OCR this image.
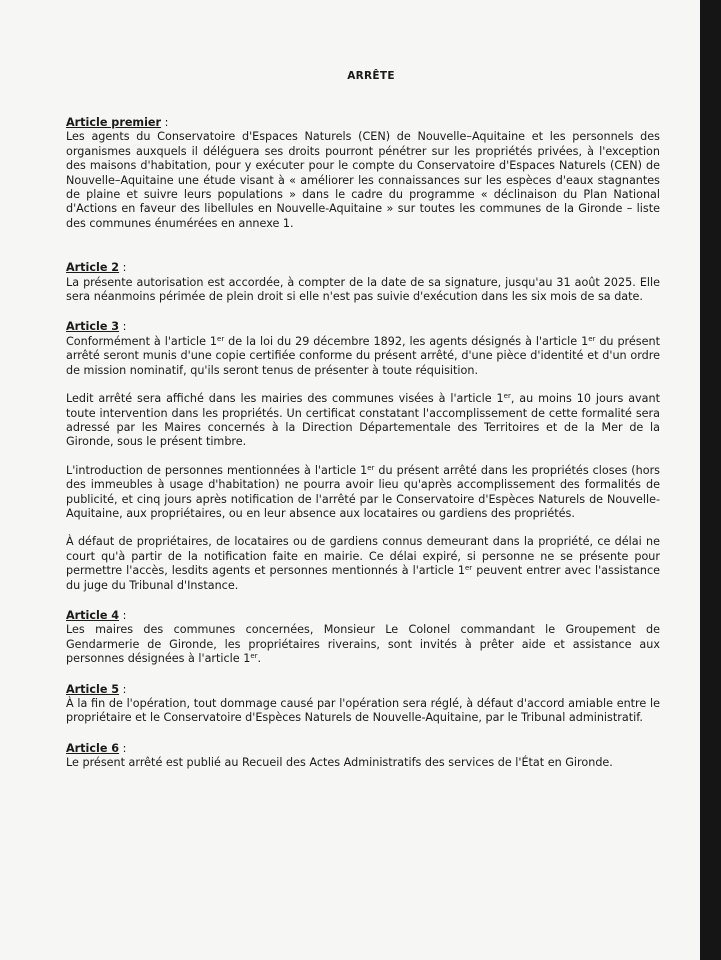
ARRÊTE
Article premier :

Les agents du Conservatoire d'Espaces Naturels (CEN) de Nouvelle–Aquitaine et les personnels des organismes auxquels il déléguera ses droits pourront pénétrer sur les propriétés privées, à l'exception des maisons d'habitation, pour y exécuter pour le compte du Conservatoire d'Espaces Naturels (CEN) de Nouvelle–Aquitaine une étude visant à « améliorer les connaissances sur les espèces d'eaux stagnantes de plaine et suivre leurs populations » dans le cadre du programme « déclinaison du Plan National d'Actions en faveur des libellules en Nouvelle-Aquitaine » sur toutes les communes de la Gironde – liste des communes énumérées en annexe 1.

Article 2 :

La présente autorisation est accordée, à compter de la date de sa signature, jusqu'au 31 août 2025. Elle sera néanmoins périmée de plein droit si elle n'est pas suivie d'exécution dans les six mois de sa date.

Article 3 :

Conformément à l'article 1er de la loi du 29 décembre 1892, les agents désignés à l'article 1er du présent arrêté seront munis d'une copie certifiée conforme du présent arrêté, d'une pièce d'identité et d'un ordre de mission nominatif, qu'ils seront tenus de présenter à toute réquisition.

Ledit arrêté sera affiché dans les mairies des communes visées à l'article 1er, au moins 10 jours avant toute intervention dans les propriétés. Un certificat constatant l'accomplissement de cette formalité sera adressé par les Maires concernés à la Direction Départementale des Territoires et de la Mer de la Gironde, sous le présent timbre.

L'introduction de personnes mentionnées à l'article 1er du présent arrêté dans les propriétés closes (hors des immeubles à usage d'habitation) ne pourra avoir lieu qu'après accomplissement des formalités de publicité, et cinq jours après notification de l'arrêté par le Conservatoire d'Espèces Naturels de Nouvelle-Aquitaine, aux propriétaires, ou en leur absence aux locataires ou gardiens des propriétés.

À défaut de propriétaires, de locataires ou de gardiens connus demeurant dans la propriété, ce délai ne court qu'à partir de la notification faite en mairie. Ce délai expiré, si personne ne se présente pour permettre l'accès, lesdits agents et personnes mentionnés à l'article 1er peuvent entrer avec l'assistance du juge du Tribunal d'Instance.

Article 4 :

Les maires des communes concernées, Monsieur Le Colonel commandant le Groupement de Gendarmerie de Gironde, les propriétaires riverains, sont invités à prêter aide et assistance aux personnes désignées à l'article 1er.

Article 5 :

À la fin de l'opération, tout dommage causé par l'opération sera réglé, à défaut d'accord amiable entre le propriétaire et le Conservatoire d'Espèces Naturels de Nouvelle-Aquitaine, par le Tribunal administratif.

Article 6 :

Le présent arrêté est publié au Recueil des Actes Administratifs des services de l'État en Gironde.
